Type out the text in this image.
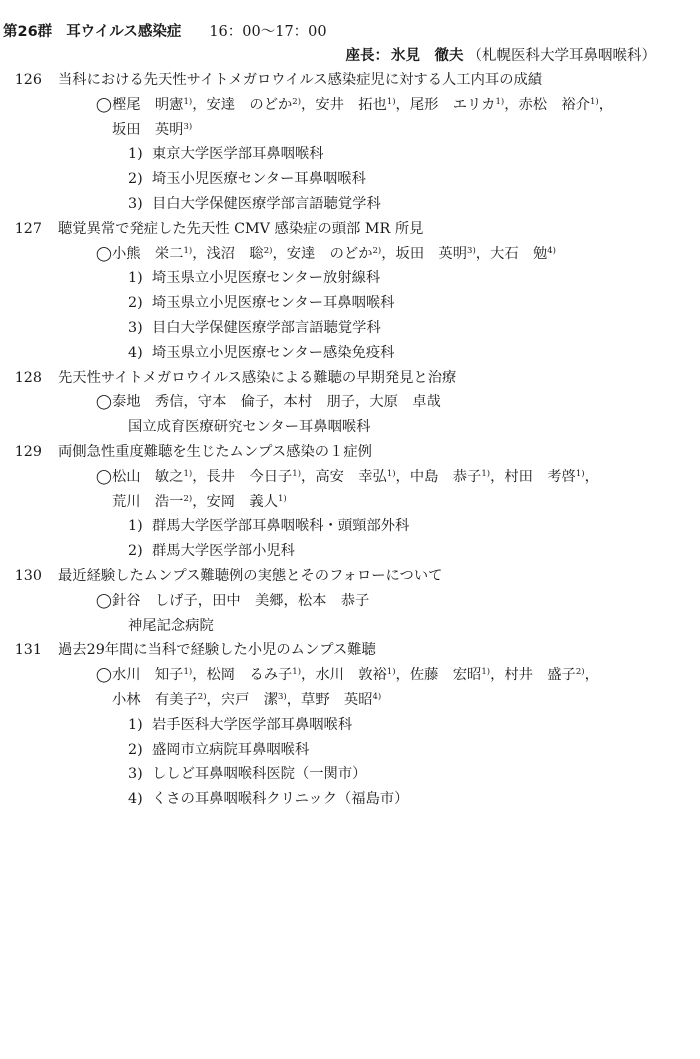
第26群 耳ウイルス感染症 16：00～17：00
座長： 氷見　徹夫 （札幌医科大学耳鼻咽喉科）
126 当科における先天性サイトメガロウイルス感染症児に対する人工内耳の成績
◯樫尾　明憲$^{1)}$，安達　のどか$^{2)}$，安井　拓也$^{1)}$，尾形　エリカ$^{1)}$，赤松　裕介$^{1)}$，
坂田　英明$^{3)}$
1) 東京大学医学部耳鼻咽喉科
2) 埼玉小児医療センター耳鼻咽喉科
3) 目白大学保健医療学部言語聴覚学科
127 聴覚異常で発症した先天性 CMV 感染症の頭部 MR 所見
◯小熊　栄二$^{1)}$，浅沼　聡$^{2)}$，安達　のどか$^{2)}$，坂田　英明$^{3)}$，大石　勉$^{4)}$
1) 埼玉県立小児医療センター放射線科
2) 埼玉県立小児医療センター耳鼻咽喉科
3) 目白大学保健医療学部言語聴覚学科
4) 埼玉県立小児医療センター感染免疫科
128 先天性サイトメガロウイルス感染による難聴の早期発見と治療
◯泰地　秀信，守本　倫子，本村　朋子，大原　卓哉
国立成育医療研究センター耳鼻咽喉科
129 両側急性重度難聴を生じたムンプス感染の１症例
◯松山　敏之$^{1)}$，長井　今日子$^{1)}$，高安　幸弘$^{1)}$，中島　恭子$^{1)}$，村田　考啓$^{1)}$，
荒川　浩一$^{2)}$，安岡　義人$^{1)}$
1) 群馬大学医学部耳鼻咽喉科・頭頸部外科
2) 群馬大学医学部小児科
130 最近経験したムンプス難聴例の実態とそのフォローについて
◯針谷　しげ子，田中　美郷，松本　恭子
神尾記念病院
131 過去29年間に当科で経験した小児のムンプス難聴
◯水川　知子$^{1)}$，松岡　るみ子$^{1)}$，水川　敦裕$^{1)}$，佐藤　宏昭$^{1)}$，村井　盛子$^{2)}$，
小林　有美子$^{2)}$，宍戸　潔$^{3)}$，草野　英昭$^{4)}$
1) 岩手医科大学医学部耳鼻咽喉科
2) 盛岡市立病院耳鼻咽喉科
3) ししど耳鼻咽喉科医院（一関市）
4) くさの耳鼻咽喉科クリニック（福島市）
